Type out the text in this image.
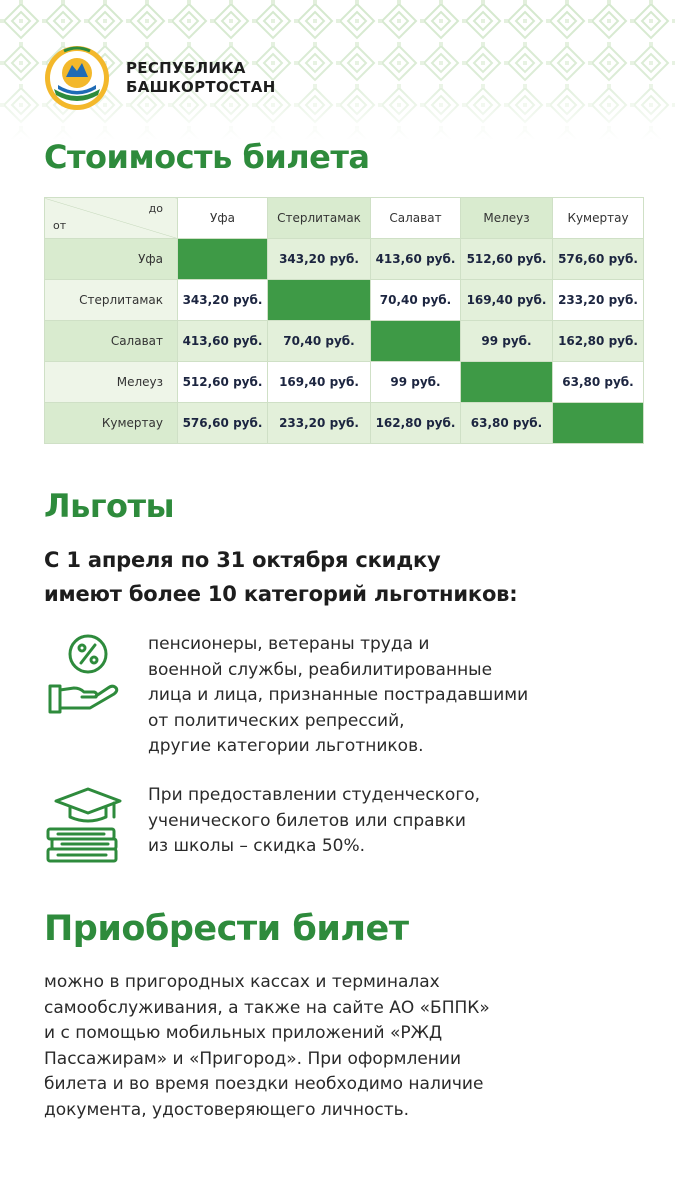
РЕСПУБЛИКА
БАШКОРТОСТАН
Стоимость билета
до
от	Уфа	Стерлитамак	Салават	Мелеуз	Кумертау
Уфа		343,20 руб.	413,60 руб.	512,60 руб.	576,60 руб.
Стерлитамак	343,20 руб.		70,40 руб.	169,40 руб.	233,20 руб.
Салават	413,60 руб.	70,40 руб.		99 руб.	162,80 руб.
Мелеуз	512,60 руб.	169,40 руб.	99 руб.		63,80 руб.
Кумертау	576,60 руб.	233,20 руб.	162,80 руб.	63,80 руб.	
Льготы

С 1 апреля по 31 октября скидку
имеют более 10 категорий льготников:

пенсионеры, ветераны труда и
военной службы, реабилитированные
лица и лица, признанные пострадавшими
от политических репрессий,
другие категории льготников.
При предоставлении студенческого,
ученического билетов или справки
из школы – скидка 50%.
Приобрести билет

можно в пригородных кассах и терминалах
самообслуживания, а также на сайте АО «БППК»
и с помощью мобильных приложений «РЖД
Пассажирам» и «Пригород». При оформлении
билета и во время поездки необходимо наличие
документа, удостоверяющего личность.
